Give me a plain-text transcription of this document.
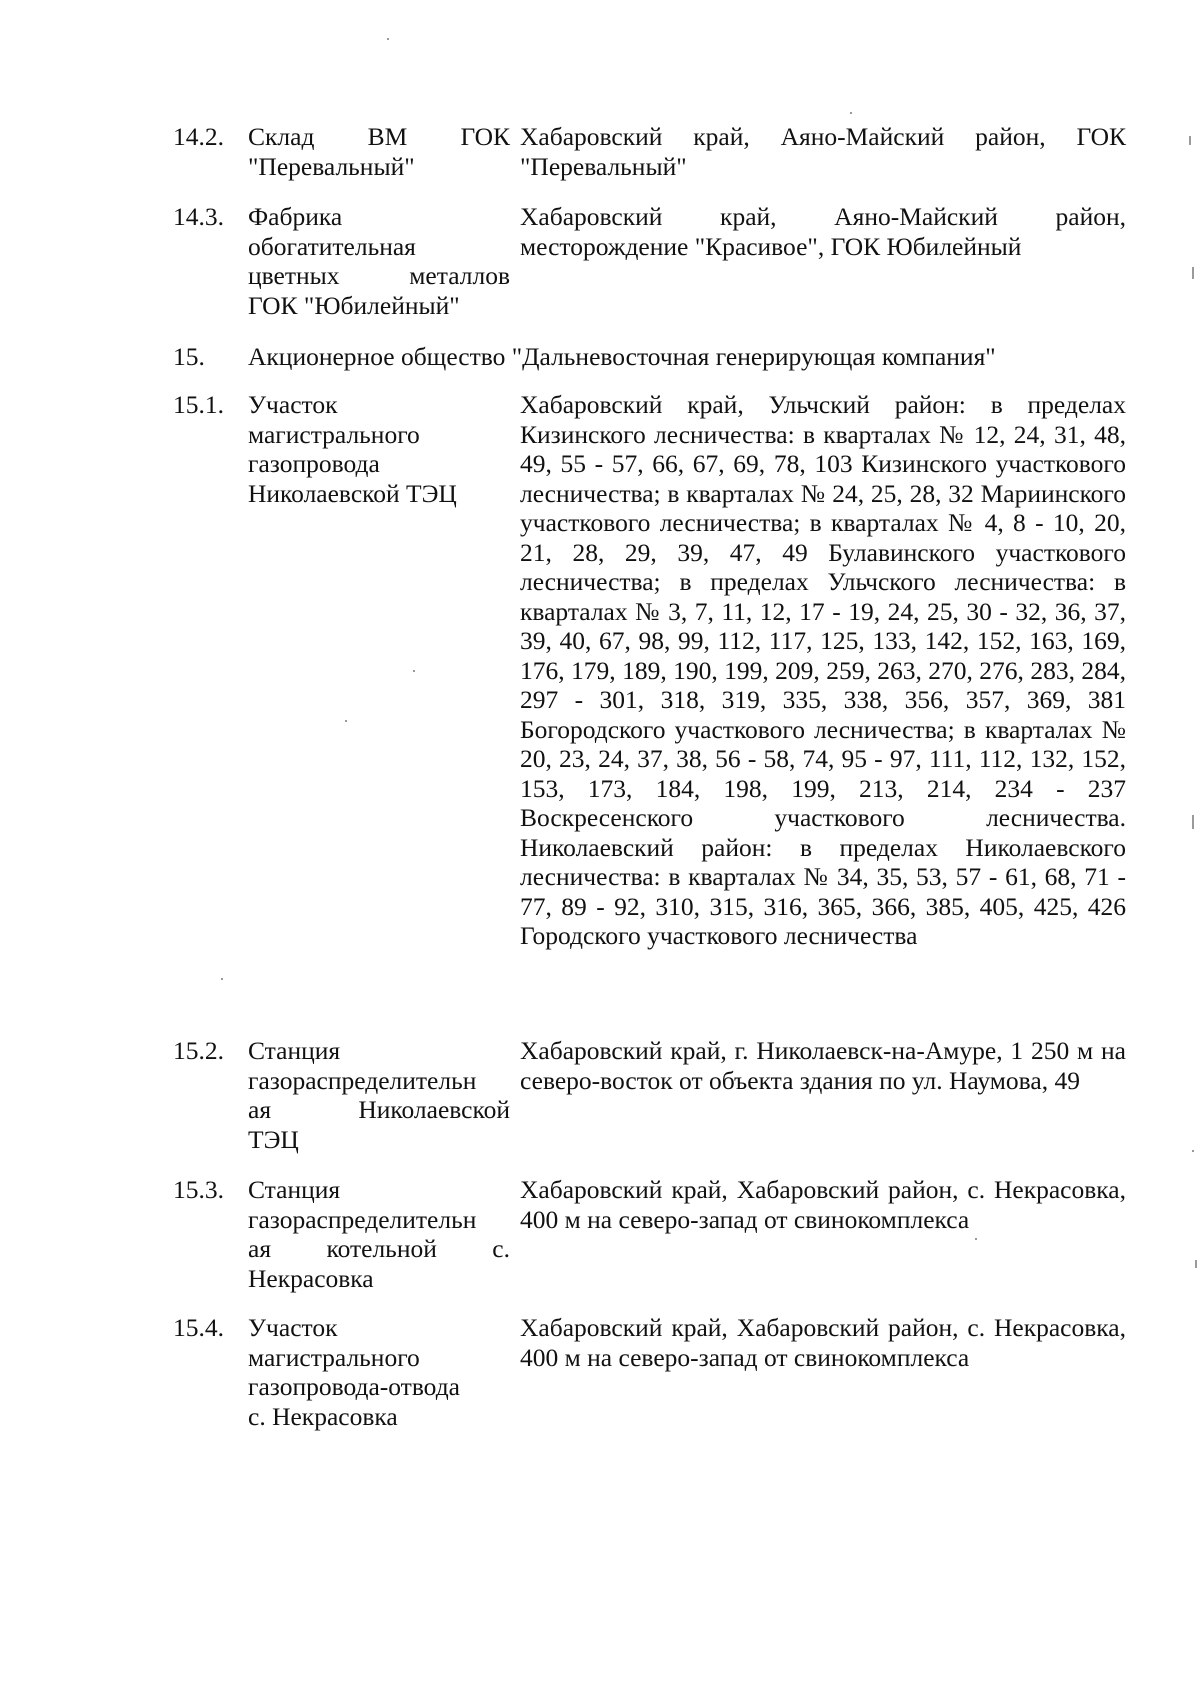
14.2. Склад ВМ ГОК
"Перевальный"
Хабаровский край, Аяно-Майский район, ГОК "Перевальный"
14.3. Фабрика
обогатительная
цветных металлов
ГОК "Юбилейный"
Хабаровский край, Аяно-Майский район, месторождение "Красивое", ГОК Юбилейный
15. Акционерное общество "Дальневосточная генерирующая компания"
15.1. Участок
магистрального
газопровода
Николаевской ТЭЦ
Хабаровский край, Ульчский район: в пределах Кизинского лесничества: в кварталах № 12, 24, 31, 48, 49, 55 - 57, 66, 67, 69, 78, 103 Кизинского участкового лесничества; в кварталах № 24, 25, 28, 32 Мариинского участкового лесничества; в кварталах № 4, 8 - 10, 20, 21, 28, 29, 39, 47, 49 Булавинского участкового лесничества; в пределах Ульчского лесничества: в кварталах № 3, 7, 11, 12, 17 - 19, 24, 25, 30 - 32, 36, 37, 39, 40, 67, 98, 99, 112, 117, 125, 133, 142, 152, 163, 169, 176, 179, 189, 190, 199, 209, 259, 263, 270, 276, 283, 284, 297 - 301, 318, 319, 335, 338, 356, 357, 369, 381 Богородского участкового лесничества; в кварталах № 20, 23, 24, 37, 38, 56 - 58, 74, 95 - 97, 111, 112, 132, 152, 153, 173, 184, 198, 199, 213, 214, 234 - 237 Воскресенского участкового лесничества. Николаевский район: в пределах Николаевского лесничества: в кварталах № 34, 35, 53, 57 - 61, 68, 71 - 77, 89 - 92, 310, 315, 316, 365, 366, 385, 405, 425, 426 Городского участкового лесничества
15.2. Станция
газораспределительн
ая Николаевской
ТЭЦ
Хабаровский край, г. Николаевск-на-Амуре, 1 250 м на северо-восток от объекта здания по ул. Наумова, 49
15.3. Станция
газораспределительн
ая котельной с.
Некрасовка
Хабаровский край, Хабаровский район, с. Некрасовка, 400 м на северо-запад от свинокомплекса
15.4. Участок
магистрального
газопровода-отвода
с. Некрасовка
Хабаровский край, Хабаровский район, с. Некрасовка, 400 м на северо-запад от свинокомплекса
